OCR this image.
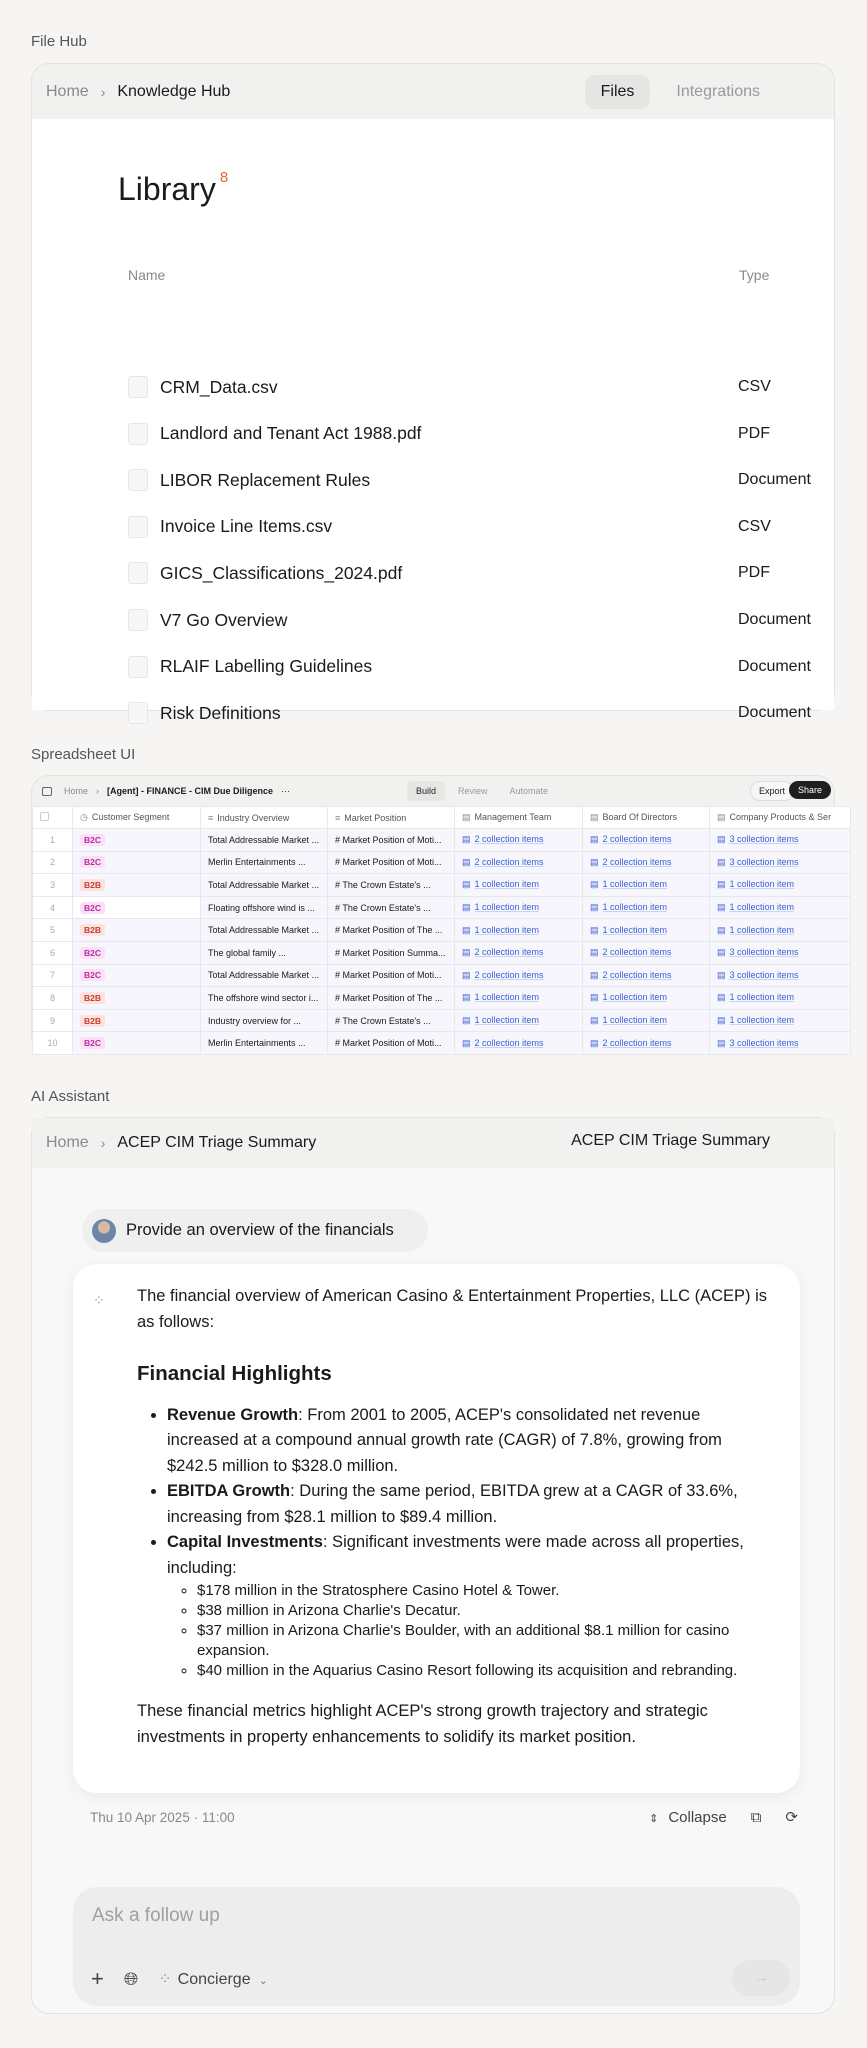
File Hub
Home › Knowledge Hub	Files	Integrations
Library $^8$
Name	Type
CRM_Data.csv	CSV
Landlord and Tenant Act 1988.pdf	PDF
LIBOR Replacement Rules	Document
Invoice Line Items.csv	CSV
GICS_Classifications_2024.pdf	PDF
V7 Go Overview	Document
RLAIF Labelling Guidelines	Document
Risk Definitions	Document
Spreadsheet UI
Home › [Agent] - FINANCE - CIM Due Diligence ···	Build	Review	Automate	Export	Share
	◷ Customer Segment	≡ Industry Overview	≡ Market Position	▤ Management Team	▤ Board Of Directors	▤ Company Products & Ser
1	B2C	Total Addressable Market ...	# Market Position of Moti...	▤ 2 collection items	▤ 2 collection items	▤ 3 collection items
2	B2C	Merlin Entertainments ...	# Market Position of Moti...	▤ 2 collection items	▤ 2 collection items	▤ 3 collection items
3	B2B	Total Addressable Market ...	# The Crown Estate's ...	▤ 1 collection item	▤ 1 collection item	▤ 1 collection item
4	B2C	Floating offshore wind is ...	# The Crown Estate's ...	▤ 1 collection item	▤ 1 collection item	▤ 1 collection item
5	B2B	Total Addressable Market ...	# Market Position of The ...	▤ 1 collection item	▤ 1 collection item	▤ 1 collection item
6	B2C	The global family ...	# Market Position Summa...	▤ 2 collection items	▤ 2 collection items	▤ 3 collection items
7	B2C	Total Addressable Market ...	# Market Position of Moti...	▤ 2 collection items	▤ 2 collection items	▤ 3 collection items
8	B2B	The offshore wind sector i...	# Market Position of The ...	▤ 1 collection item	▤ 1 collection item	▤ 1 collection item
9	B2B	Industry overview for ...	# The Crown Estate's ...	▤ 1 collection item	▤ 1 collection item	▤ 1 collection item
10	B2C	Merlin Entertainments ...	# Market Position of Moti...	▤ 2 collection items	▤ 2 collection items	▤ 3 collection items
AI Assistant
Home › ACEP CIM Triage Summary	ACEP CIM Triage Summary
Provide an overview of the financials
⁘ The financial overview of American Casino & Entertainment Properties, LLC (ACEP) is as follows:

Financial Highlights
• Revenue Growth: From 2001 to 2005, ACEP's consolidated net revenue increased at a compound annual growth rate (CAGR) of 7.8%, growing from $242.5 million to $328.0 million.
• EBITDA Growth: During the same period, EBITDA grew at a CAGR of 33.6%, increasing from $28.1 million to $89.4 million.
• Capital Investments: Significant investments were made across all properties, including:
◦ $178 million in the Stratosphere Casino Hotel & Tower.
◦ $38 million in Arizona Charlie's Decatur.
◦ $37 million in Arizona Charlie's Boulder, with an additional $8.1 million for casino expansion.
◦ $40 million in the Aquarius Casino Resort following its acquisition and rebranding.

These financial metrics highlight ACEP's strong growth trajectory and strategic investments in property enhancements to solidify its market position.

Thu 10 Apr 2025 · 11:00	⇕ Collapse ⧉ ⟳
Ask a follow up
+ 🌐︎ ⁘ Concierge ⌄	→
